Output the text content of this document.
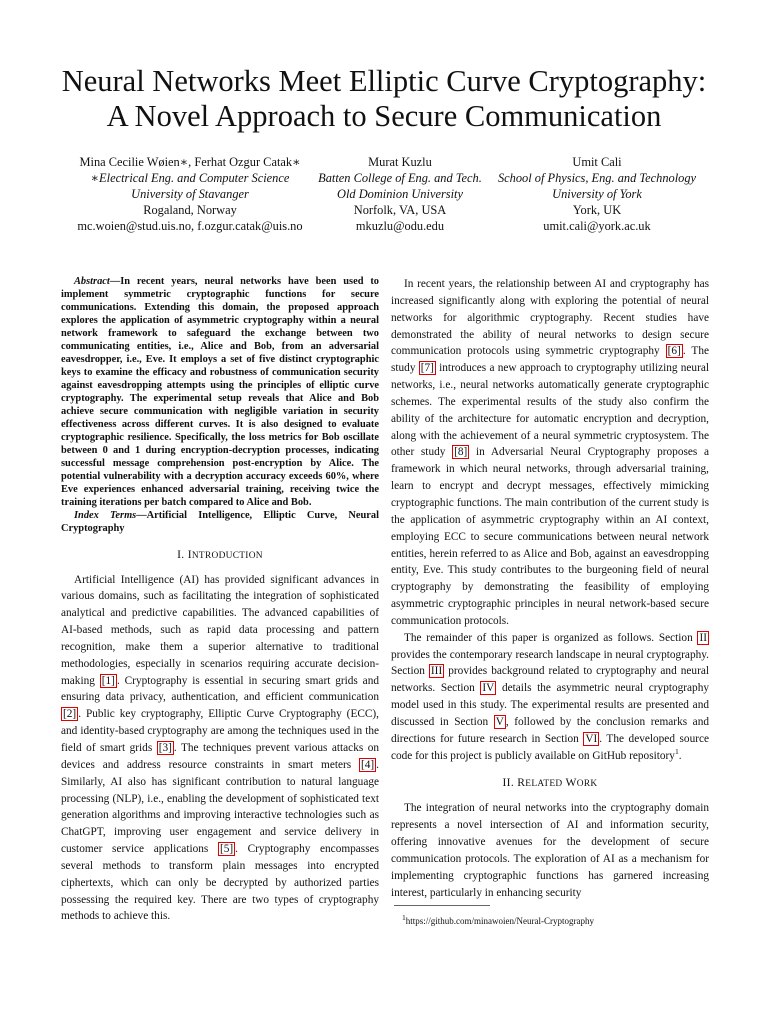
Neural Networks Meet Elliptic Curve Cryptography:
A Novel Approach to Secure Communication
Mina Cecilie Wøien∗, Ferhat Ozgur Catak∗
∗Electrical Eng. and Computer Science
University of Stavanger
Rogaland, Norway
mc.woien@stud.uis.no, f.ozgur.catak@uis.no
Murat Kuzlu
Batten College of Eng. and Tech.
Old Dominion University
Norfolk, VA, USA
mkuzlu@odu.edu
Umit Cali
School of Physics, Eng. and Technology
University of York
York, UK
umit.cali@york.ac.uk

Abstract—In recent years, neural networks have been used to implement symmetric cryptographic functions for secure communications. Extending this domain, the proposed approach explores the application of asymmetric cryptography within a neural network framework to safeguard the exchange between two communicating entities, i.e., Alice and Bob, from an adversarial eavesdropper, i.e., Eve. It employs a set of five distinct cryptographic keys to examine the efficacy and robustness of communication security against eavesdropping attempts using the principles of elliptic curve cryptography. The experimental setup reveals that Alice and Bob achieve secure communication with negligible variation in security effectiveness across different curves. It is also designed to evaluate cryptographic resilience. Specifically, the loss metrics for Bob oscillate between 0 and 1 during encryption-decryption processes, indicating successful message comprehension post-encryption by Alice. The potential vulnerability with a decryption accuracy exceeds 60%, where Eve experiences enhanced adversarial training, receiving twice the training iterations per batch compared to Alice and Bob.

Index Terms—Artificial Intelligence, Elliptic Curve, Neural Cryptography

I. INTRODUCTION

Artificial Intelligence (AI) has provided significant advances in various domains, such as facilitating the integration of sophisticated analytical and predictive capabilities. The advanced capabilities of AI-based methods, such as rapid data processing and pattern recognition, make them a superior alternative to traditional methodologies, especially in scenarios requiring accurate decision-making [1] . Cryptography is essential in securing smart grids and ensuring data privacy, authentication, and efficient communication [2] . Public key cryptography, Elliptic Curve Cryptography (ECC), and identity-based cryptography are among the techniques used in the field of smart grids [3] . The techniques prevent various attacks on devices and address resource constraints in smart meters [4] . Similarly, AI also has significant contribution to natural language processing (NLP), i.e., enabling the development of sophisticated text generation algorithms and improving interactive technologies such as ChatGPT, improving user engagement and service delivery in customer service applications [5] . Cryptography encompasses several methods to transform plain messages into encrypted ciphertexts, which can only be decrypted by authorized parties possessing the required key. There are two types of cryptography methods to achieve this.

In recent years, the relationship between AI and cryptography has increased significantly along with exploring the potential of neural networks for algorithmic cryptography. Recent studies have demonstrated the ability of neural networks to design secure communication protocols using symmetric cryptography [6] . The study [7] introduces a new approach to cryptography utilizing neural networks, i.e., neural networks automatically generate cryptographic schemes. The experimental results of the study also confirm the ability of the architecture for automatic encryption and decryption, along with the achievement of a neural symmetric cryptosystem. The other study [8] in Adversarial Neural Cryptography proposes a framework in which neural networks, through adversarial training, learn to encrypt and decrypt messages, effectively mimicking cryptographic functions. The main contribution of the current study is the application of asymmetric cryptography within an AI context, employing ECC to secure communications between neural network entities, herein referred to as Alice and Bob, against an eavesdropping entity, Eve. This study contributes to the burgeoning field of neural cryptography by demonstrating the feasibility of employing asymmetric cryptographic principles in neural network-based secure communication protocols.

The remainder of this paper is organized as follows. Section II provides the contemporary research landscape in neural cryptography. Section III provides background related to cryptography and neural networks. Section IV details the asymmetric neural cryptography model used in this study. The experimental results are presented and discussed in Section V , followed by the conclusion remarks and directions for future research in Section VI . The developed source code for this project is publicly available on GitHub repository$^1$.

II. RELATED WORK

The integration of neural networks into the cryptography domain represents a novel intersection of AI and information security, offering innovative avenues for the development of secure communication protocols. The exploration of AI as a mechanism for implementing cryptographic functions has garnered increasing interest, particularly in enhancing security

$^1$https://github.com/minawoien/Neural-Cryptography
